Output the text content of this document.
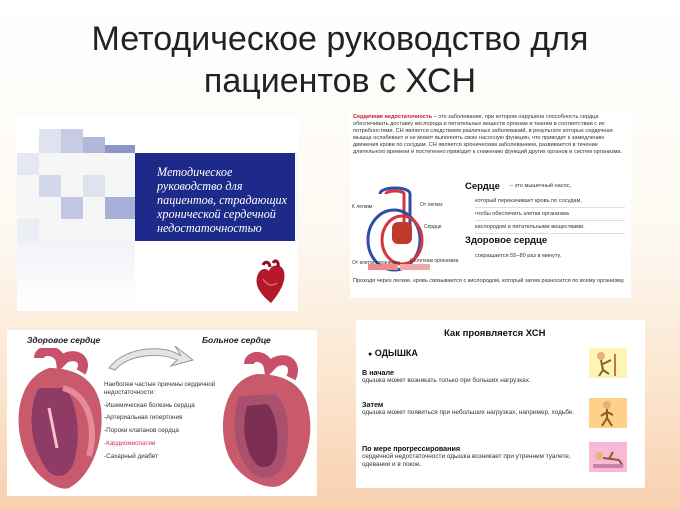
Методическое руководство для
пациентов с ХСН
Методическое руководство для пациентов, страдающих хронической сердечной недостаточностью
Сердечная недостаточность – это заболевание, при котором нарушена способность сердца обеспечивать доставку кислорода и питательных веществ органам и тканям в соответствии с их потребностями. СН является следствием различных заболеваний, в результате которых сердечная мышца ослабевает и не может выполнять свою насосную функцию, что приводит к замедлению движения крови по сосудам. СН является хроническим заболеванием, развивается в течение длительного времени и постепенно приводит к снижению функций других органов и систем организма.
К легким	От легких
Сердце
От клеток организма К клеткам организма
Сердце – это мышечный насос,
который перекачивает кровь по сосудам,
чтобы обеспечить клетки организма
кислородом и питательными веществами.
Здоровое сердце
сокращается 55–80 раз в минуту.
Проходя через легкие, кровь связывается с кислородом, который затем разносится по всему организму.
Здоровое сердце	Больное сердце
Наиболее частые причины сердечной недостаточности:
-Ишемическая болезнь сердца
-Артериальная гипертония
-Пороки клапанов сердца
-Кардиомиопатии
-Сахарный диабет
Как проявляется ХСН
● ОДЫШКА
В начале
одышка может возникать только при больших нагрузках.
Затем
одышка может появиться при небольших нагрузках, например, ходьбе.
По мере прогрессирования
сердечной недостаточности одышка возникает при утреннем туалете, одевании и в покое.
